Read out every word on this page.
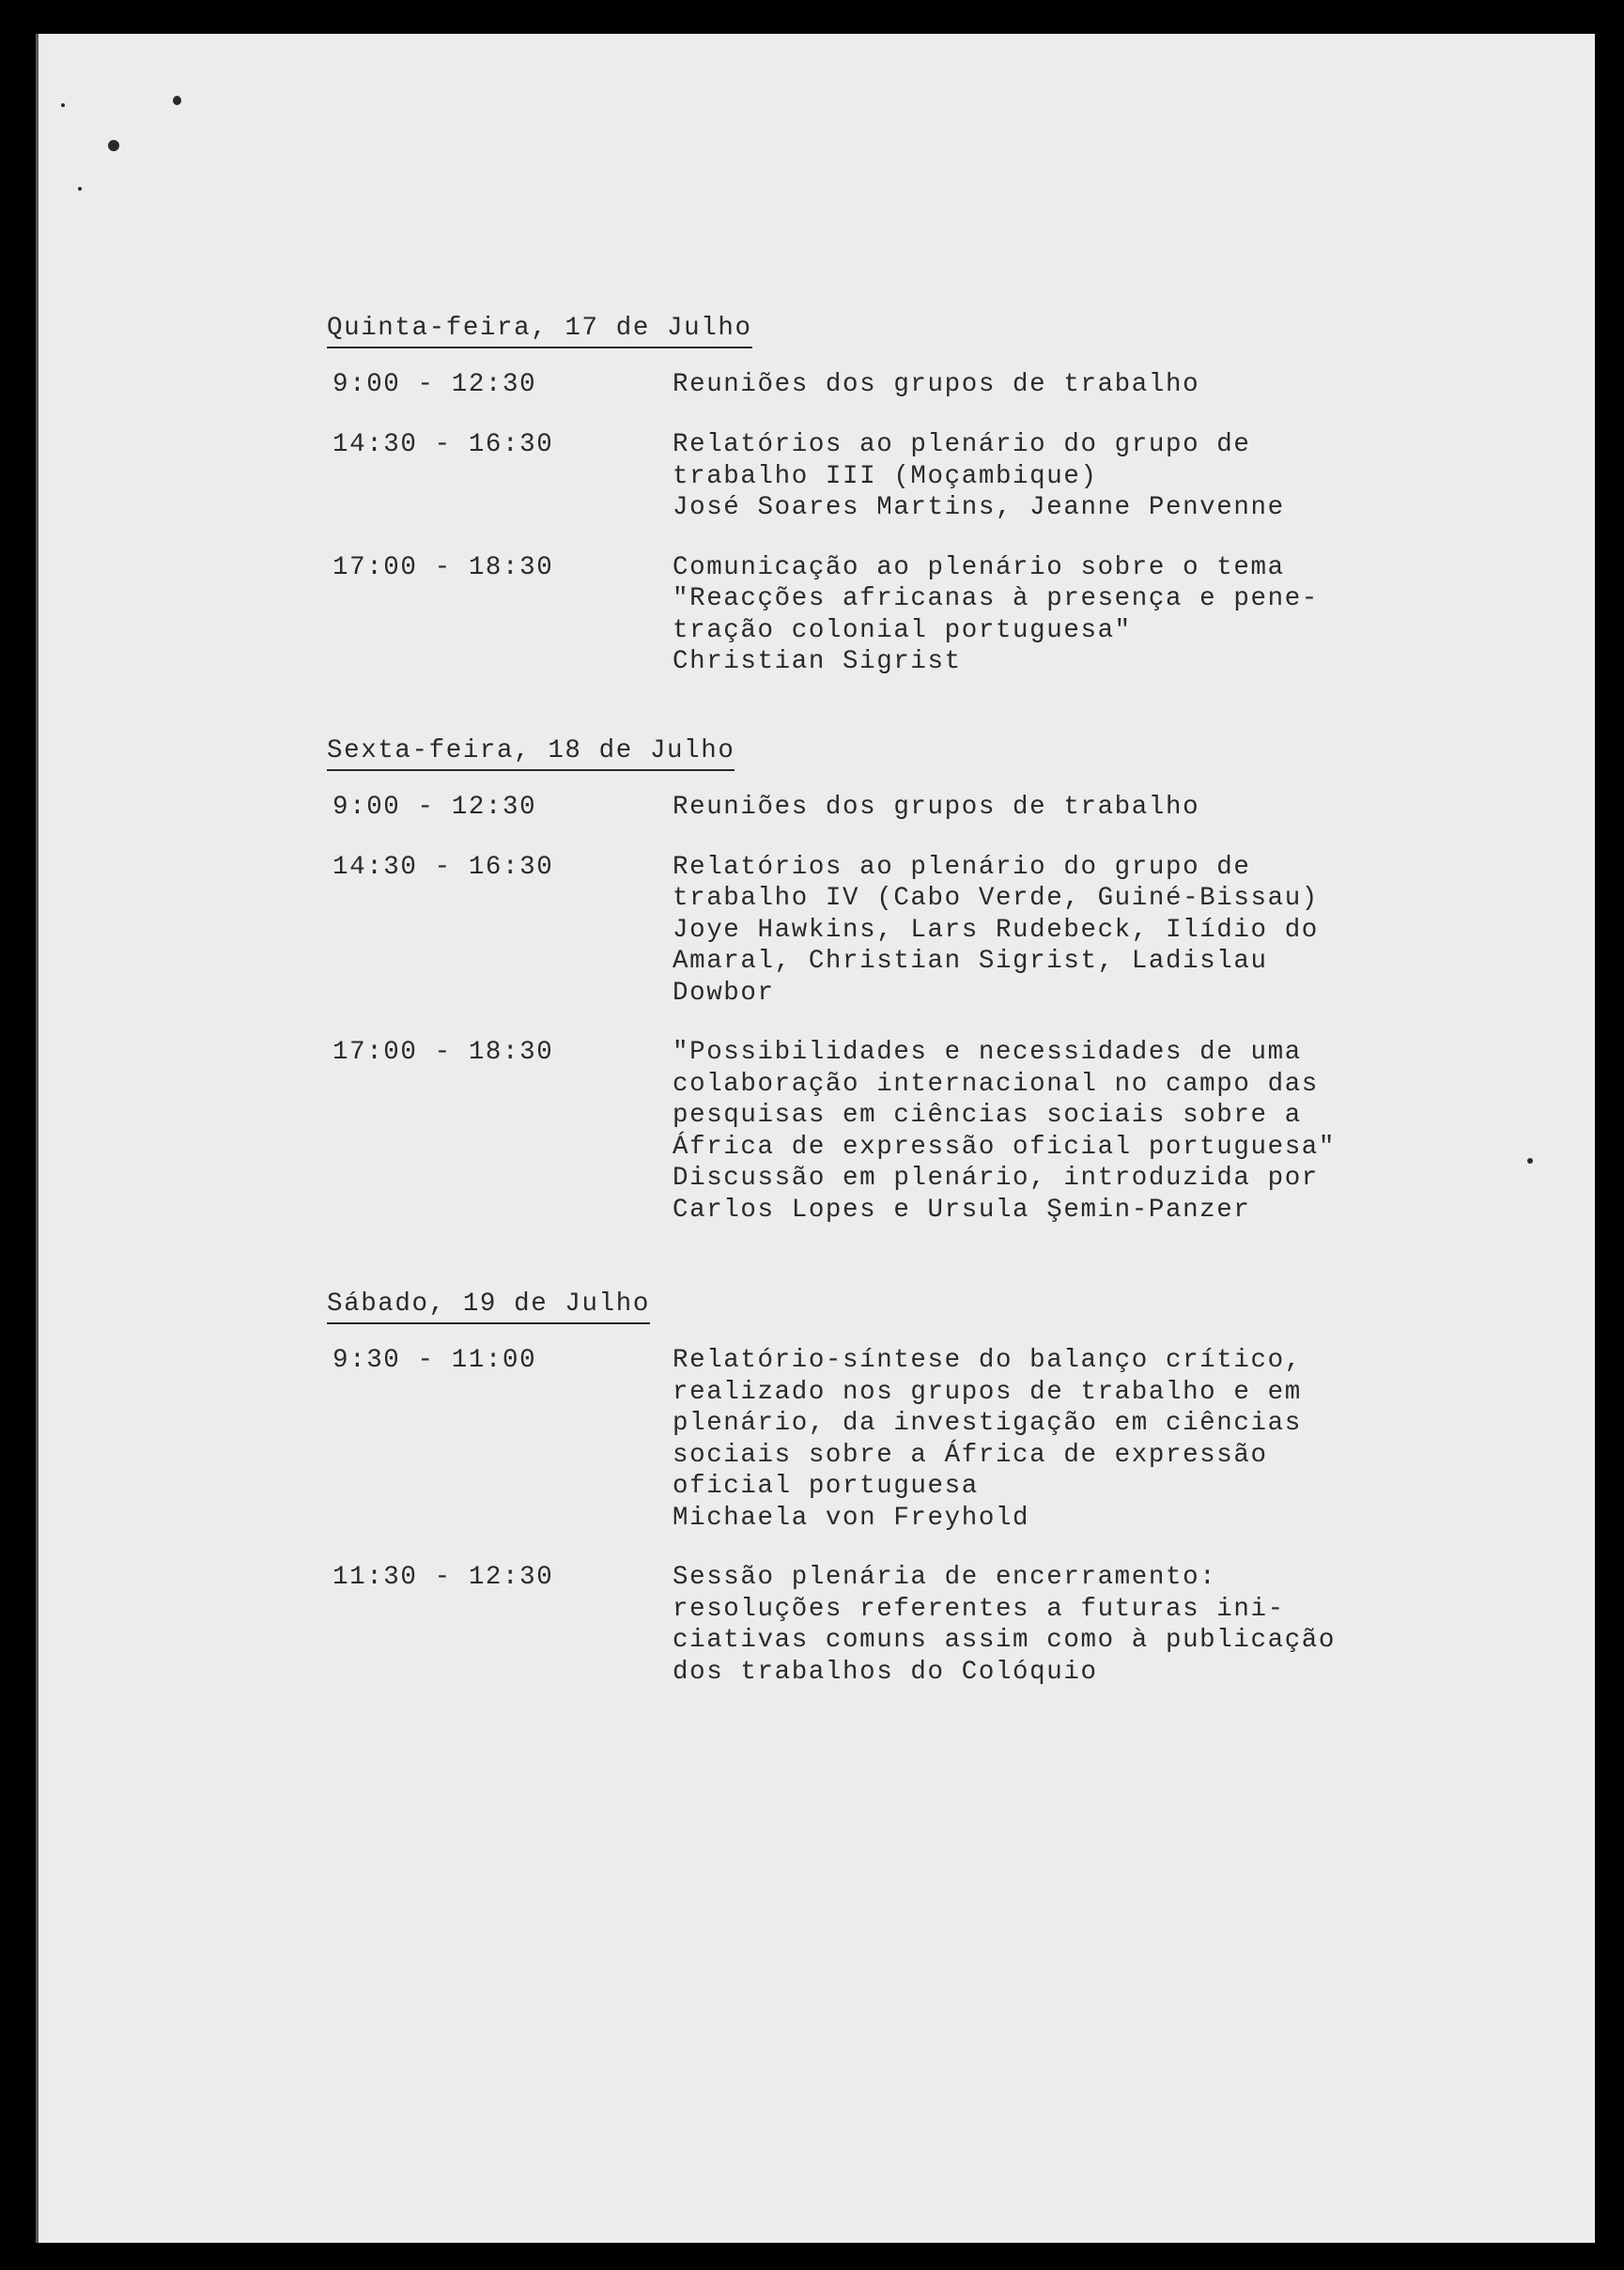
Quinta-feira, 17 de Julho
9:00 - 12:30	Reuniões dos grupos de trabalho
14:30 - 16:30	Relatórios ao plenário do grupo de
trabalho III (Moçambique)
José Soares Martins, Jeanne Penvenne
17:00 - 18:30	Comunicação ao plenário sobre o tema
"Reacções africanas à presença e pene-
tração colonial portuguesa"
Christian Sigrist
Sexta-feira, 18 de Julho
9:00 - 12:30	Reuniões dos grupos de trabalho
14:30 - 16:30	Relatórios ao plenário do grupo de
trabalho IV (Cabo Verde, Guiné-Bissau)
Joye Hawkins, Lars Rudebeck, Ilídio do
Amaral, Christian Sigrist, Ladislau
Dowbor
17:00 - 18:30	"Possibilidades e necessidades de uma
colaboração internacional no campo das
pesquisas em ciências sociais sobre a
África de expressão oficial portuguesa"
Discussão em plenário, introduzida por
Carlos Lopes e Ursula Şemin-Panzer
Sábado, 19 de Julho
9:30 - 11:00	Relatório-síntese do balanço crítico,
realizado nos grupos de trabalho e em
plenário, da investigação em ciências
sociais sobre a África de expressão
oficial portuguesa
Michaela von Freyhold
11:30 - 12:30	Sessão plenária de encerramento:
resoluções referentes a futuras ini-
ciativas comuns assim como à publicação
dos trabalhos do Colóquio
